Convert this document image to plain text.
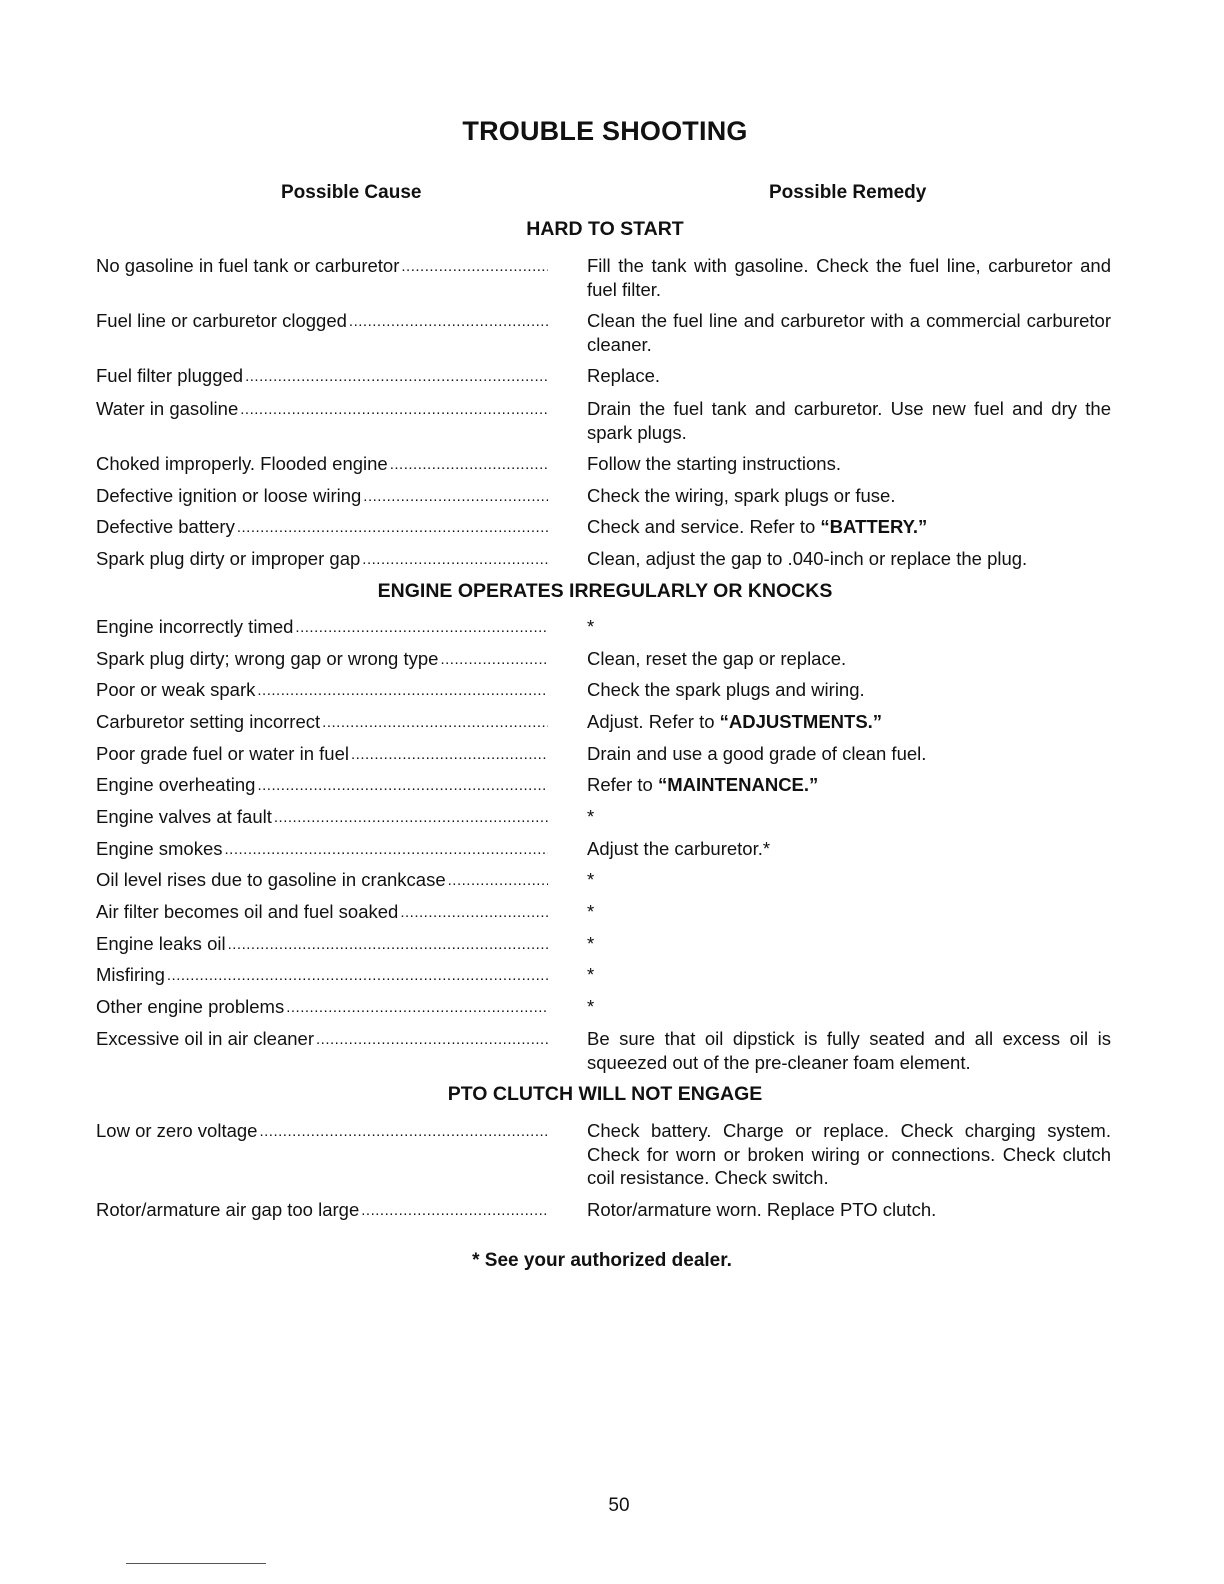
TROUBLE SHOOTING
Possible Cause	Possible Remedy
HARD TO START
No gasoline in fuel tank or carburetor .....	Fill the tank with gasoline. Check the fuel line, carburetor and fuel filter.
Fuel line or carburetor clogged .....	Clean the fuel line and carburetor with a commercial carburetor cleaner.
Fuel filter plugged .....	Replace.
Water in gasoline .....	Drain the fuel tank and carburetor. Use new fuel and dry the spark plugs.
Choked improperly. Flooded engine .....	Follow the starting instructions.
Defective ignition or loose wiring .....	Check the wiring, spark plugs or fuse.
Defective battery .....	Check and service. Refer to “BATTERY.”
Spark plug dirty or improper gap .....	Clean, adjust the gap to .040-inch or replace the plug.
ENGINE OPERATES IRREGULARLY OR KNOCKS
Engine incorrectly timed .....	*
Spark plug dirty; wrong gap or wrong type .....	Clean, reset the gap or replace.
Poor or weak spark .....	Check the spark plugs and wiring.
Carburetor setting incorrect .....	Adjust. Refer to “ADJUSTMENTS.”
Poor grade fuel or water in fuel .....	Drain and use a good grade of clean fuel.
Engine overheating .....	Refer to “MAINTENANCE.”
Engine valves at fault .....	*
Engine smokes .....	Adjust the carburetor.*
Oil level rises due to gasoline in crankcase .....	*
Air filter becomes oil and fuel soaked .....	*
Engine leaks oil .....	*
Misfiring .....	*
Other engine problems .....	*
Excessive oil in air cleaner .....	Be sure that oil dipstick is fully seated and all excess oil is squeezed out of the pre-cleaner foam element.
PTO CLUTCH WILL NOT ENGAGE
Low or zero voltage .....	Check battery. Charge or replace. Check charging system. Check for worn or broken wiring or connections. Check clutch coil resistance. Check switch.
Rotor/armature air gap too large .....	Rotor/armature worn. Replace PTO clutch.
* See your authorized dealer.
50
